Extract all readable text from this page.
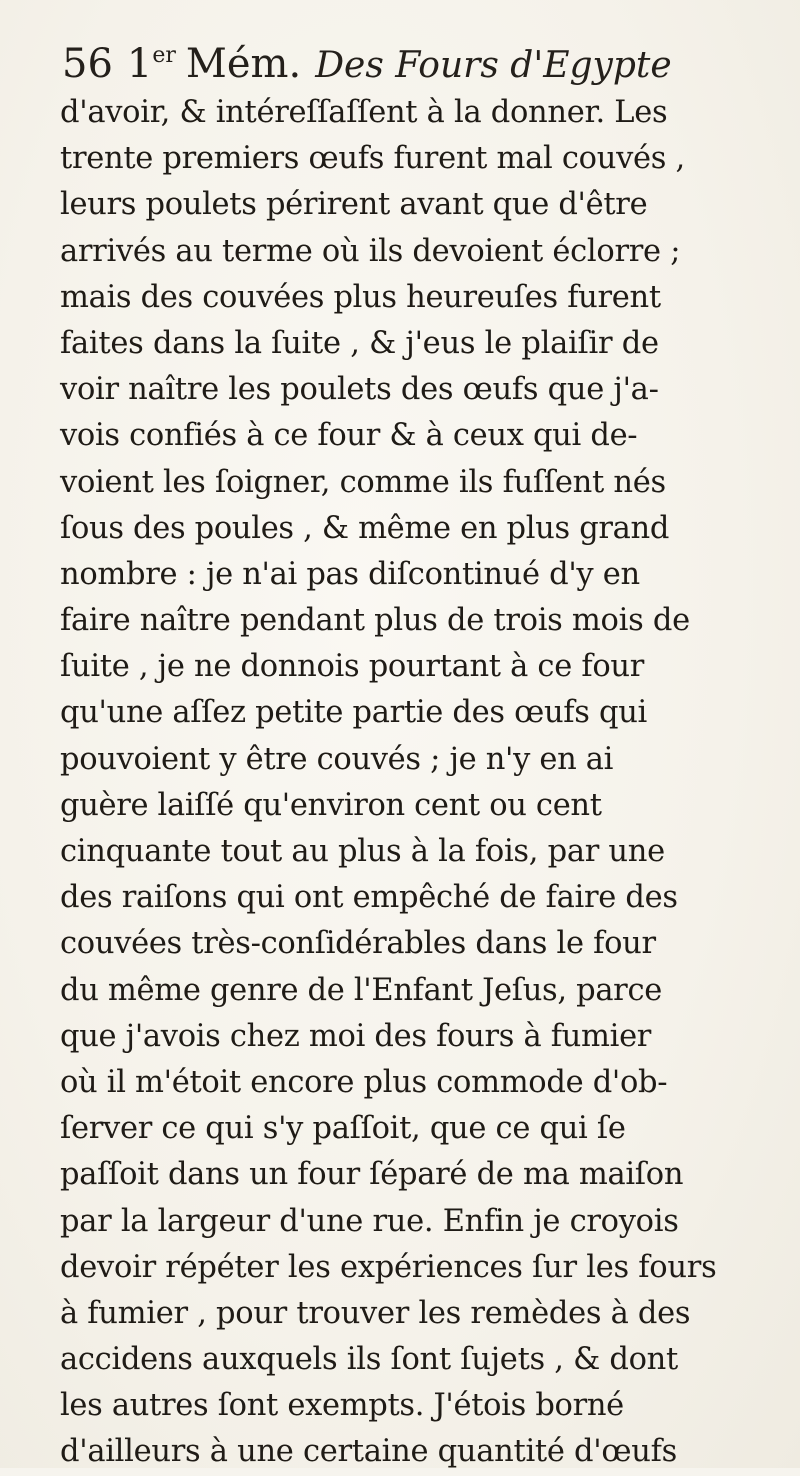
56 1er Mém. Des Fours d'Egypte
d'avoir, & intéreſſaſſent à la donner. Les
trente premiers œufs furent mal couvés ,
leurs poulets périrent avant que d'être
arrivés au terme où ils devoient éclorre ;
mais des couvées plus heureuſes furent
faites dans la ſuite , & j'eus le plaiſir de
voir naître les poulets des œufs que j'a-
vois confiés à ce four & à ceux qui de-
voient les ſoigner, comme ils fuſſent nés
ſous des poules , & même en plus grand
nombre : je n'ai pas diſcontinué d'y en
faire naître pendant plus de trois mois de
ſuite , je ne donnois pourtant à ce four
qu'une aſſez petite partie des œufs qui
pouvoient y être couvés ; je n'y en ai
guère laiſſé qu'environ cent ou cent
cinquante tout au plus à la fois, par une
des raiſons qui ont empêché de faire des
couvées très-conſidérables dans le four
du même genre de l'Enfant Jeſus, parce
que j'avois chez moi des fours à fumier
où il m'étoit encore plus commode d'ob-
ſerver ce qui s'y paſſoit, que ce qui ſe
paſſoit dans un four ſéparé de ma maiſon
par la largeur d'une rue. Enfin je croyois
devoir répéter les expériences ſur les fours
à fumier , pour trouver les remèdes à des
accidens auxquels ils ſont ſujets , & dont
les autres ſont exempts. J'étois borné
d'ailleurs à une certaine quantité d'œufs
